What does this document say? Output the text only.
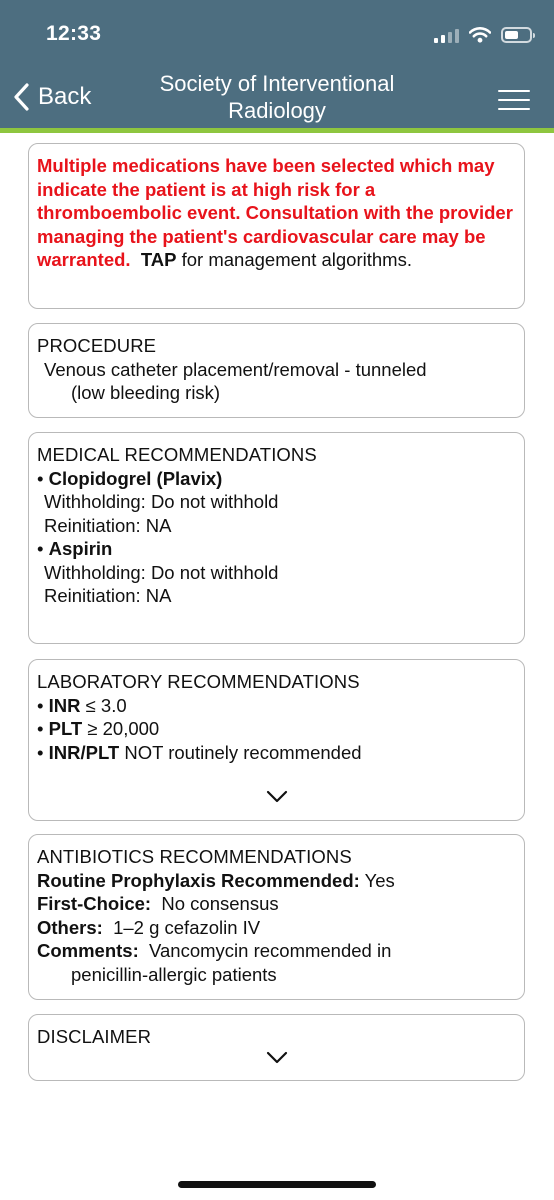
12:33
Back	Society of Interventional
Radiology
Multiple medications have been selected which may indicate the patient is at high risk for a thromboembolic event. Consultation with the provider managing the patient's cardiovascular care may be warranted. TAP for management algorithms.
PROCEDURE
Venous catheter placement/removal - tunneled
(low bleeding risk)
MEDICAL RECOMMENDATIONS
• Clopidogrel (Plavix)
Withholding: Do not withhold
Reinitiation: NA
• Aspirin
Withholding: Do not withhold
Reinitiation: NA
LABORATORY RECOMMENDATIONS
• INR ≤ 3.0
• PLT ≥ 20,000
• INR/PLT NOT routinely recommended
ANTIBIOTICS RECOMMENDATIONS
Routine Prophylaxis Recommended: Yes
First-Choice:  No consensus
Others:  1–2 g cefazolin IV
Comments:  Vancomycin recommended in
penicillin-allergic patients
DISCLAIMER
